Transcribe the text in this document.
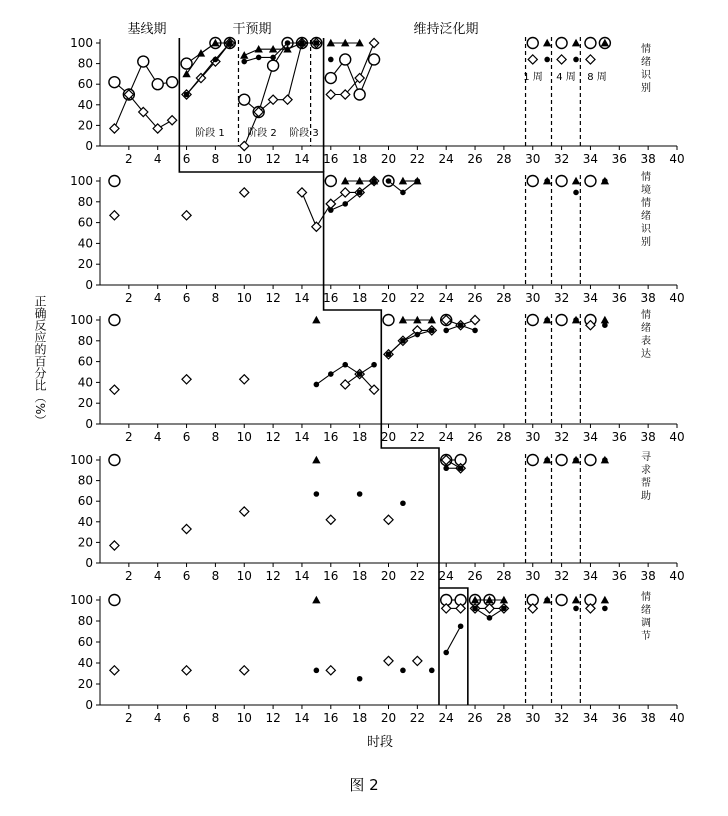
基线期	干预期	维持泛化期
阶段 1 阶段 2 阶段 3
1 周 4 周 8 周
正确反应的百分比（%）
时段
图 2
0
20
40
60
80
100
2 4 6 8 10 12 14 16 18 20 22 24 26 28 30 32 34 36 38 40
情绪识别
0
20
40
60
80
100
2 4 6 8 10 12 14 16 18 20 22 24 26 28 30 32 34 36 38 40
情境情绪识别
0
20
40
60
80
100
2 4 6 8 10 12 14 16 18 20 22 24 26 28 30 32 34 36 38 40
情绪表达
0
20
40
60
80
100
2 4 6 8 10 12 14 16 18 20 22 24 26 28 30 32 34 36 38 40
寻求帮助
0
20
40
60
80
100
2 4 6 8 10 12 14 16 18 20 22 24 26 28 30 32 34 36 38 40
情绪调节
